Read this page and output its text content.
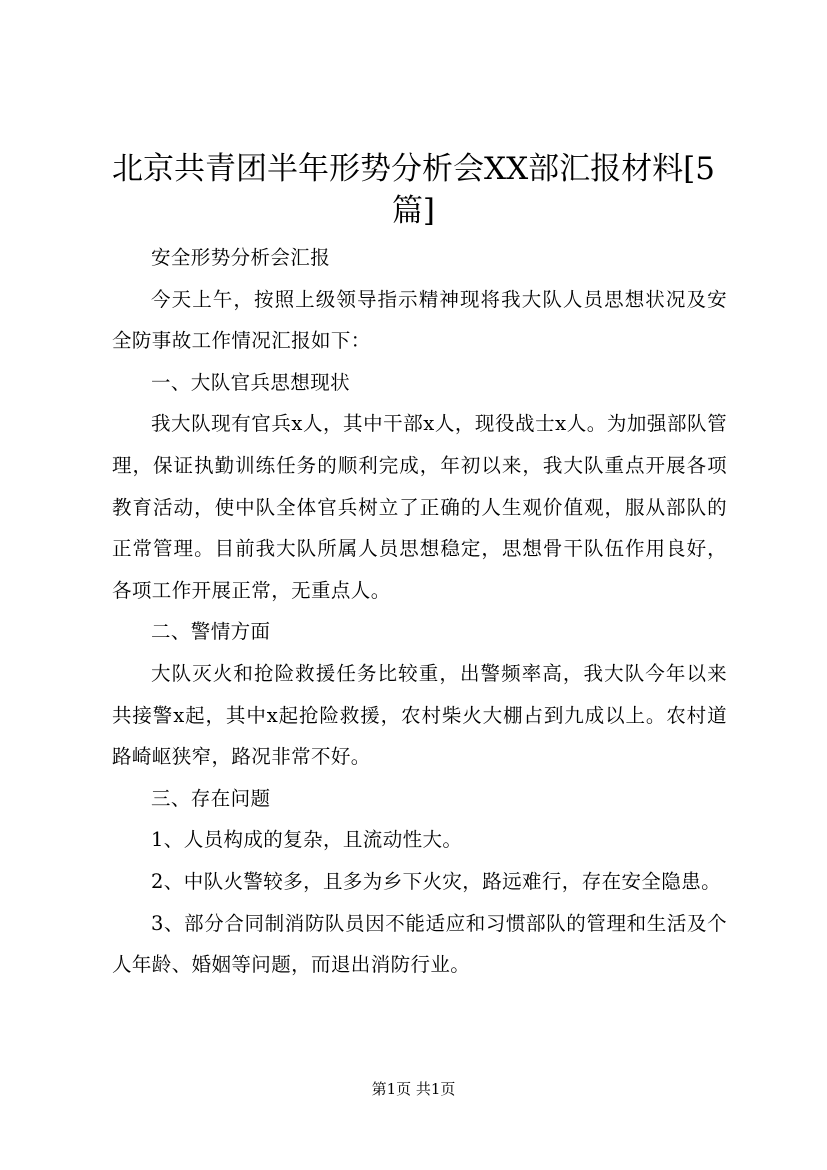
北京共青团半年形势分析会XX部汇报材料[5篇]

安全形势分析会汇报

今天上午，按照上级领导指示精神现将我大队人员思想状况及安全防事故工作情况汇报如下：

一、大队官兵思想现状

我大队现有官兵x人，其中干部x人，现役战士x人。为加强部队管理，保证执勤训练任务的顺利完成，年初以来，我大队重点开展各项教育活动，使中队全体官兵树立了正确的人生观价值观，服从部队的正常管理。目前我大队所属人员思想稳定，思想骨干队伍作用良好，各项工作开展正常，无重点人。

二、警情方面

大队灭火和抢险救援任务比较重，出警频率高，我大队今年以来共接警x起，其中x起抢险救援，农村柴火大棚占到九成以上。农村道路崎岖狭窄，路况非常不好。

三、存在问题

1、人员构成的复杂，且流动性大。

2、中队火警较多，且多为乡下火灾，路远难行，存在安全隐患。

3、部分合同制消防队员因不能适应和习惯部队的管理和生活及个人年龄、婚姻等问题，而退出消防行业。

第1页 共1页
